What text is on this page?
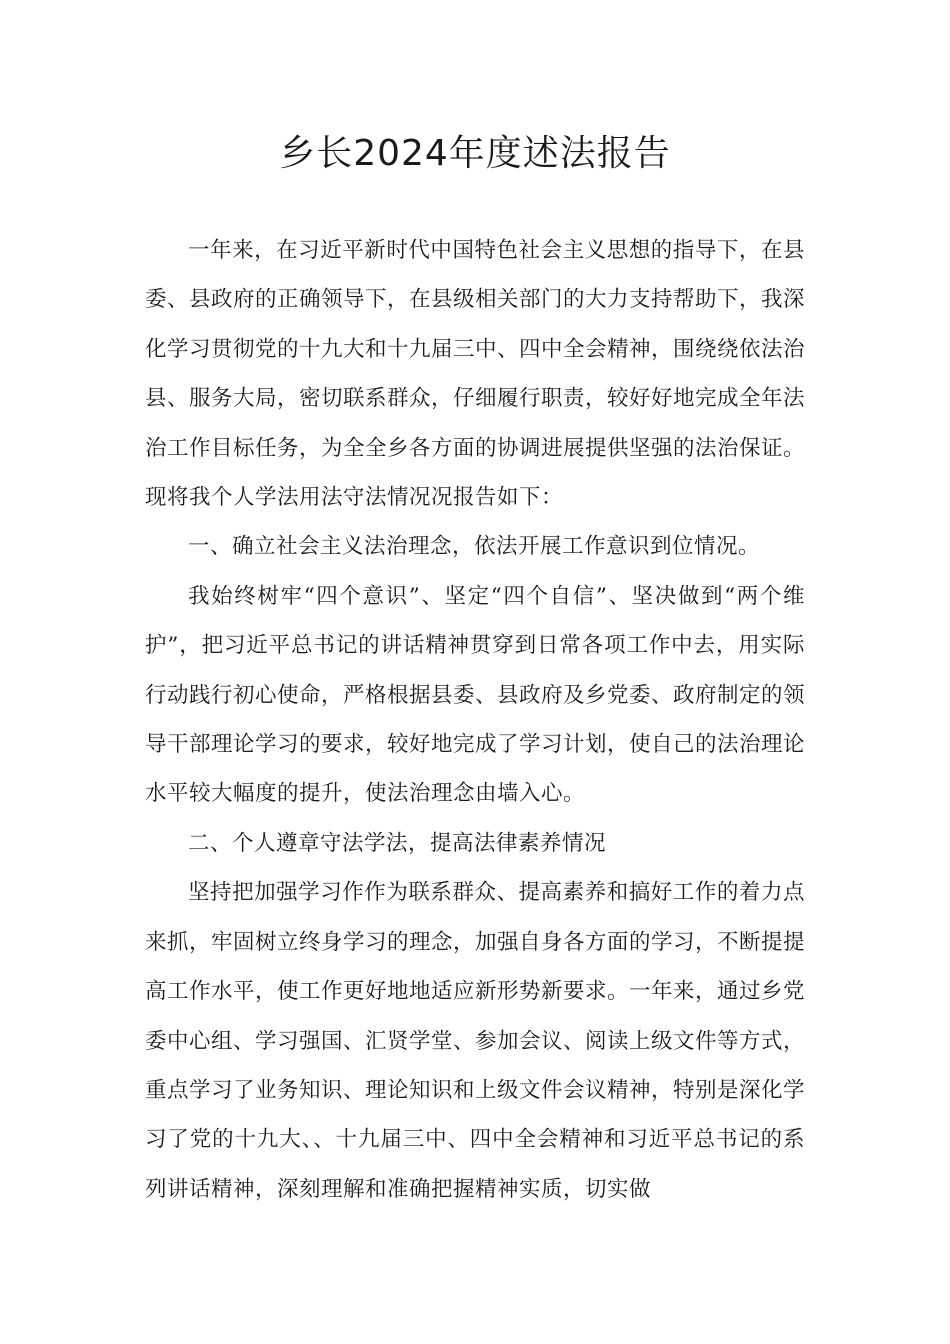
乡长2024年度述法报告

一年来，在习近平新时代中国特色社会主义思想的指导下，在县委、县政府的正确领导下，在县级相关部门的大力支持帮助下，我深化学习贯彻党的十九大和十九届三中、四中全会精神，围绕绕依法治县、服务大局，密切联系群众，仔细履行职责，较好好地完成全年法治工作目标任务，为全全乡各方面的协调进展提供坚强的法治保证。现将我个人学法用法守法情况况报告如下：

一、确立社会主义法治理念，依法开展工作意识到位情况。

我始终树牢“四个意识”、坚定“四个自信”、坚决做到“两个维护”，把习近平总书记的讲话精神贯穿到日常各项工作中去，用实际行动践行初心使命，严格根据县委、县政府及乡党委、政府制定的领导干部理论学习的要求，较好地完成了学习计划，使自己的法治理论水平较大幅度的提升，使法治理念由墙入心。

二、个人遵章守法学法，提高法律素养情况

坚持把加强学习作作为联系群众、提高素养和搞好工作的着力点来抓，牢固树立终身学习的理念，加强自身各方面的学习，不断提提高工作水平，使工作更好地地适应新形势新要求。一年来，通过乡党委中心组、学习强国、汇贤学堂、参加会议、阅读上级文件等方式，重点学习了业务知识、理论知识和上级文件会议精神，特别是深化学习了党的十九大、、十九届三中、四中全会精神和习近平总书记的系列讲话精神，深刻理解和准确把握精神实质，切实做
